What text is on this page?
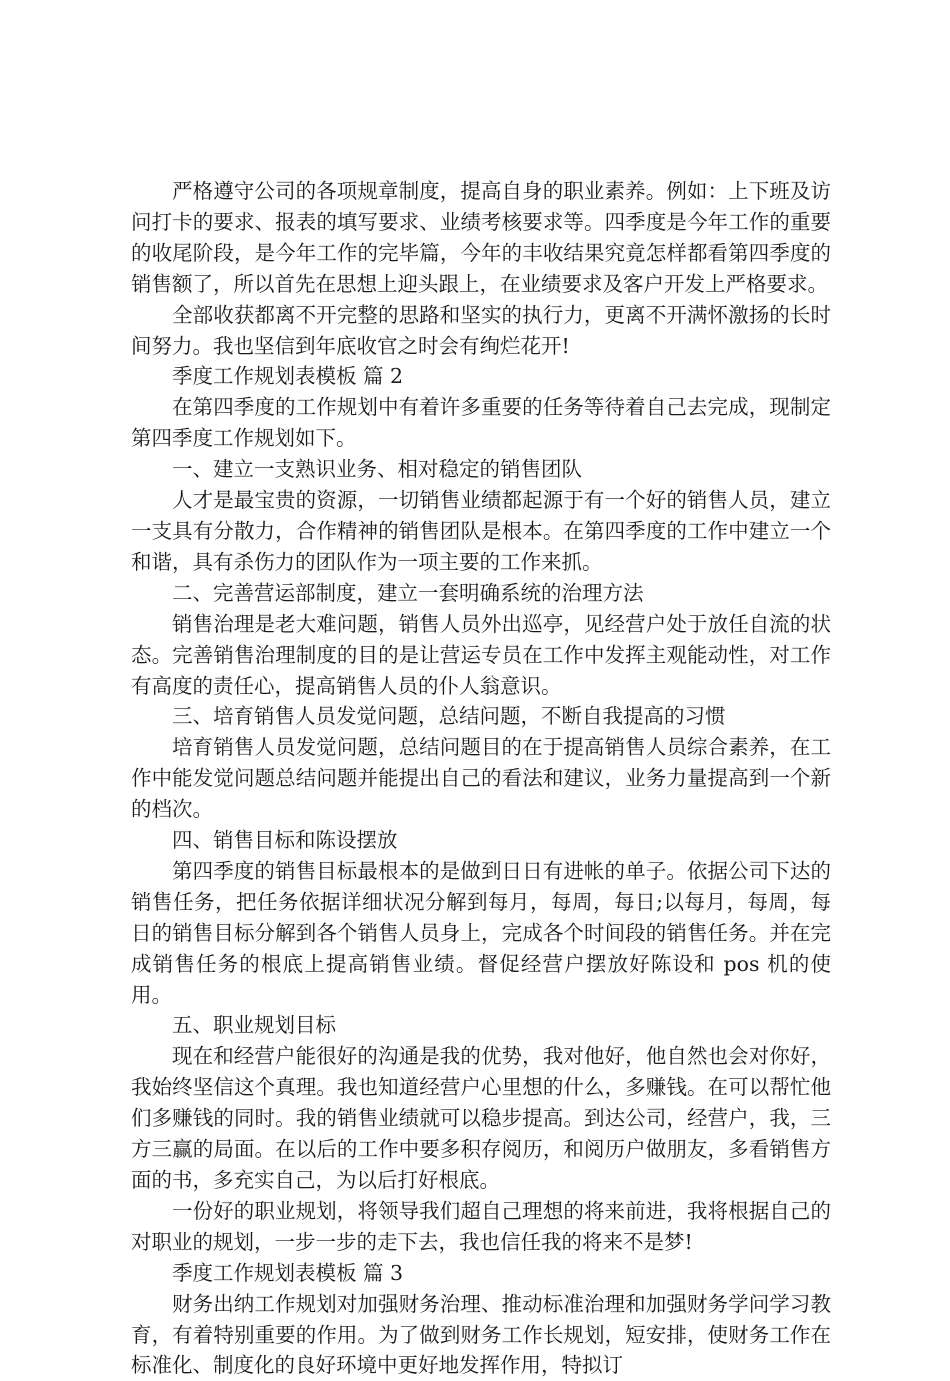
严格遵守公司的各项规章制度，提高自身的职业素养。例如：上下班及访问打卡的要求、报表的填写要求、业绩考核要求等。四季度是今年工作的重要的收尾阶段，是今年工作的完毕篇，今年的丰收结果究竟怎样都看第四季度的销售额了，所以首先在思想上迎头跟上，在业绩要求及客户开发上严格要求。

全部收获都离不开完整的思路和坚实的执行力，更离不开满怀激扬的长时间努力。我也坚信到年底收官之时会有绚烂花开!

季度工作规划表模板 篇 2

在第四季度的工作规划中有着许多重要的任务等待着自己去完成，现制定第四季度工作规划如下。

一、建立一支熟识业务、相对稳定的销售团队

人才是最宝贵的资源，一切销售业绩都起源于有一个好的销售人员，建立一支具有分散力，合作精神的销售团队是根本。在第四季度的工作中建立一个和谐，具有杀伤力的团队作为一项主要的工作来抓。

二、完善营运部制度，建立一套明确系统的治理方法

销售治理是老大难问题，销售人员外出巡亭，见经营户处于放任自流的状态。完善销售治理制度的目的是让营运专员在工作中发挥主观能动性，对工作有高度的责任心，提高销售人员的仆人翁意识。

三、培育销售人员发觉问题，总结问题，不断自我提高的习惯

培育销售人员发觉问题，总结问题目的在于提高销售人员综合素养，在工作中能发觉问题总结问题并能提出自己的看法和建议，业务力量提高到一个新的档次。

四、销售目标和陈设摆放

第四季度的销售目标最根本的是做到日日有进帐的单子。依据公司下达的销售任务，把任务依据详细状况分解到每月，每周，每日;以每月，每周，每日的销售目标分解到各个销售人员身上，完成各个时间段的销售任务。并在完成销售任务的根底上提高销售业绩。督促经营户摆放好陈设和 pos 机的使用。

五、职业规划目标

现在和经营户能很好的沟通是我的优势，我对他好，他自然也会对你好，我始终坚信这个真理。我也知道经营户心里想的什么，多赚钱。在可以帮忙他们多赚钱的同时。我的销售业绩就可以稳步提高。到达公司，经营户，我，三方三赢的局面。在以后的工作中要多积存阅历，和阅历户做朋友，多看销售方面的书，多充实自己，为以后打好根底。

一份好的职业规划，将领导我们超自己理想的将来前进，我将根据自己的对职业的规划，一步一步的走下去，我也信任我的将来不是梦!

季度工作规划表模板 篇 3

财务出纳工作规划对加强财务治理、推动标准治理和加强财务学问学习教育，有着特别重要的作用。为了做到财务工作长规划，短安排，使财务工作在标准化、制度化的良好环境中更好地发挥作用，特拟订
